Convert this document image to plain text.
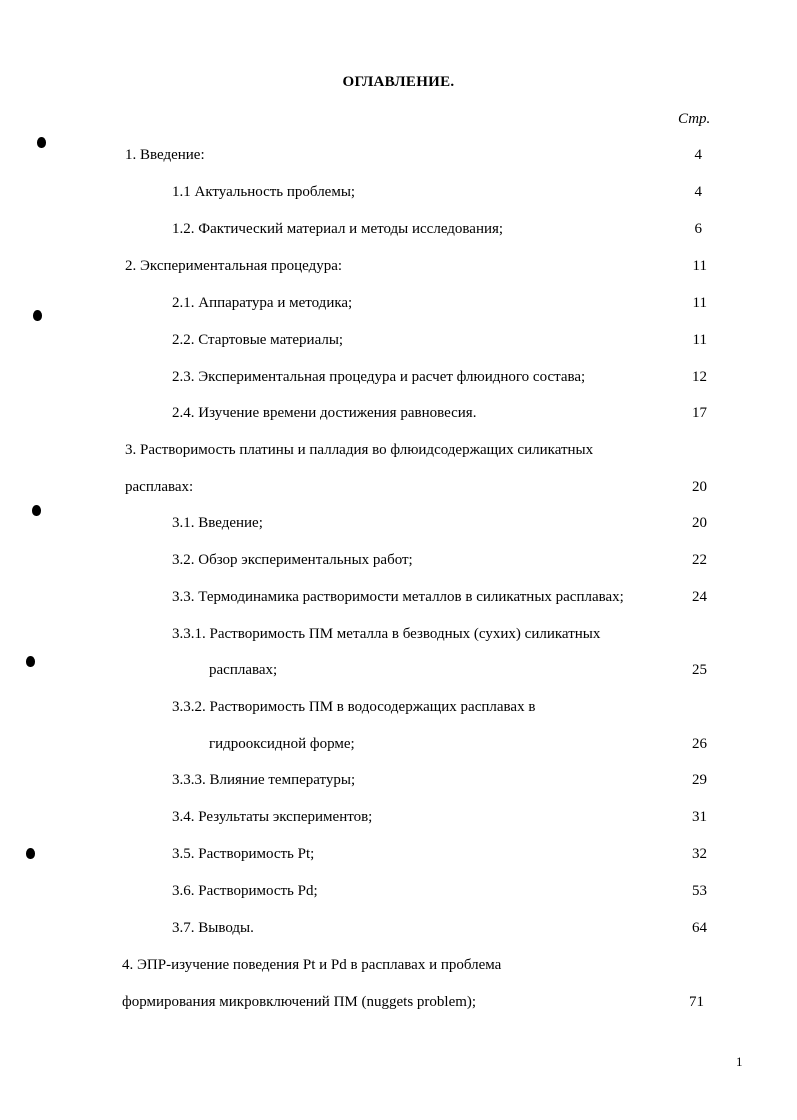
ОГЛАВЛЕНИЕ.
Стр.
1. Введение:	4
1.1 Актуальность проблемы;	4
1.2. Фактический материал и методы исследования;	6
2. Экспериментальная процедура:	11
2.1. Аппаратура и методика;	11
2.2. Стартовые материалы;	11
2.3. Экспериментальная процедура и расчет флюидного состава;	12
2.4. Изучение времени достижения равновесия.	17
3. Растворимость платины и палладия во флюидсодержащих силикатных
расплавах:	20
3.1. Введение;	20
3.2. Обзор экспериментальных работ;	22
3.3. Термодинамика растворимости металлов в силикатных расплавах;	24
3.3.1. Растворимость ПМ металла в безводных (сухих) силикатных
расплавах;	25
3.3.2. Растворимость ПМ в водосодержащих расплавах в
гидрооксидной форме;	26
3.3.3. Влияние температуры;	29
3.4. Результаты экспериментов;	31
3.5. Растворимость Pt;	32
3.6. Растворимость Pd;	53
3.7. Выводы.	64
4. ЭПР-изучение поведения Pt и Pd в расплавах и проблема
формирования микровключений ПМ (nuggets problem);	71
1
